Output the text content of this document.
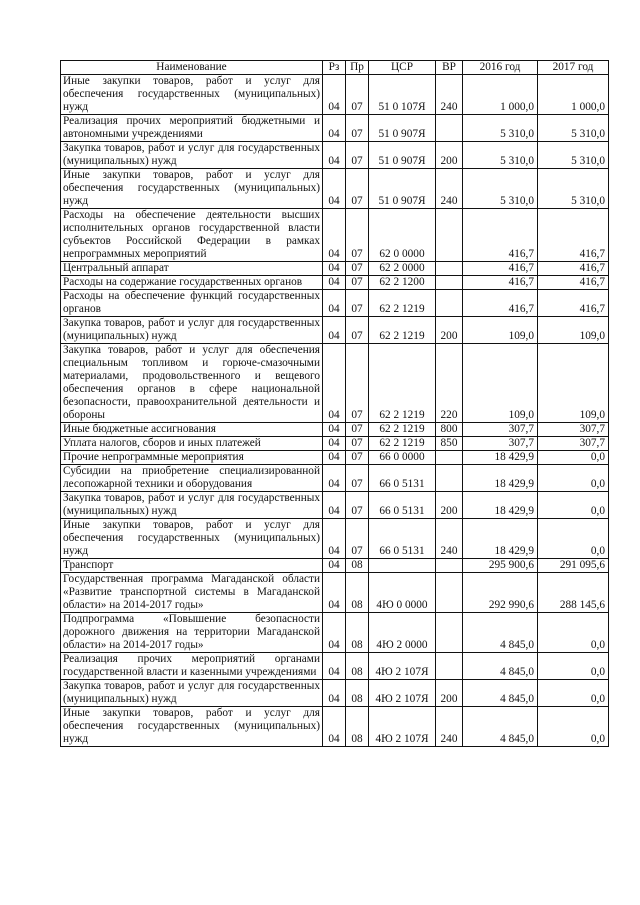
Наименование	Рз	Пр	ЦСР	ВР	2016 год	2017 год
Иные закупки товаров, работ и услуг для обеспечения государственных (муниципальных) нужд	04	07	51 0 107Я	240	1 000,0	1 000,0
Реализация прочих мероприятий бюджетными и автономными учреждениями	04	07	51 0 907Я		5 310,0	5 310,0
Закупка товаров, работ и услуг для государственных (муниципальных) нужд	04	07	51 0 907Я	200	5 310,0	5 310,0
Иные закупки товаров, работ и услуг для обеспечения государственных (муниципальных) нужд	04	07	51 0 907Я	240	5 310,0	5 310,0
Расходы на обеспечение деятельности высших исполнительных органов государственной власти субъектов Российской Федерации в рамках непрограммных мероприятий	04	07	62 0 0000		416,7	416,7
Центральный аппарат	04	07	62 2 0000		416,7	416,7
Расходы на содержание государственных органов	04	07	62 2 1200		416,7	416,7
Расходы на обеспечение функций государственных органов	04	07	62 2 1219		416,7	416,7
Закупка товаров, работ и услуг для государственных (муниципальных) нужд	04	07	62 2 1219	200	109,0	109,0
Закупка товаров, работ и услуг для обеспечения специальным топливом и горюче-смазочными материалами, продовольственного и вещевого обеспечения органов в сфере национальной безопасности, правоохранительной деятельности и обороны	04	07	62 2 1219	220	109,0	109,0
Иные бюджетные ассигнования	04	07	62 2 1219	800	307,7	307,7
Уплата налогов, сборов и иных платежей	04	07	62 2 1219	850	307,7	307,7
Прочие непрограммные мероприятия	04	07	66 0 0000		18 429,9	0,0
Субсидии на приобретение специализированной лесопожарной техники и оборудования	04	07	66 0 5131		18 429,9	0,0
Закупка товаров, работ и услуг для государственных (муниципальных) нужд	04	07	66 0 5131	200	18 429,9	0,0
Иные закупки товаров, работ и услуг для обеспечения государственных (муниципальных) нужд	04	07	66 0 5131	240	18 429,9	0,0
Транспорт	04	08			295 900,6	291 095,6
Государственная программа Магаданской области «Развитие транспортной системы в Магаданской области» на 2014-2017 годы»	04	08	4Ю 0 0000		292 990,6	288 145,6
Подпрограмма «Повышение безопасности дорожного движения на территории Магаданской области» на 2014-2017 годы»	04	08	4Ю 2 0000		4 845,0	0,0
Реализация прочих мероприятий органами государственной власти и казенными учреждениями	04	08	4Ю 2 107Я		4 845,0	0,0
Закупка товаров, работ и услуг для государственных (муниципальных) нужд	04	08	4Ю 2 107Я	200	4 845,0	0,0
Иные закупки товаров, работ и услуг для обеспечения государственных (муниципальных) нужд	04	08	4Ю 2 107Я	240	4 845,0	0,0
